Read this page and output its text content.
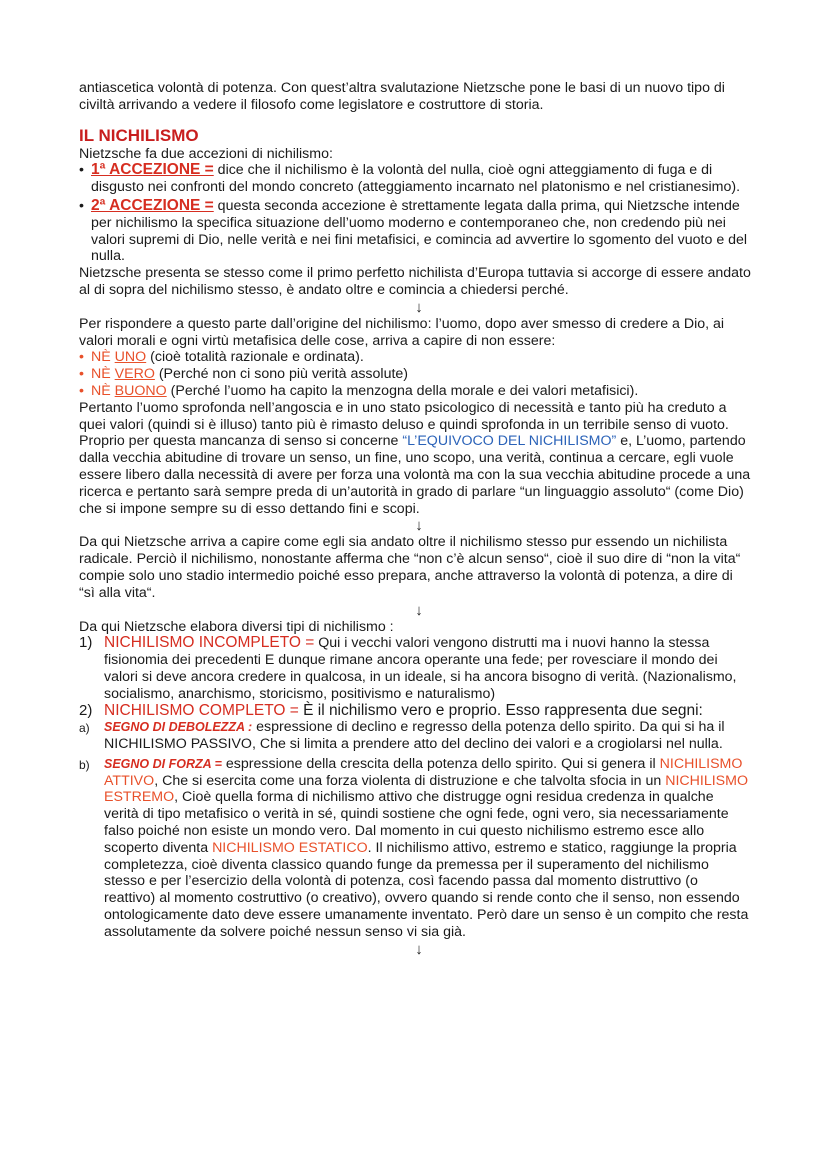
antiascetica volontà di potenza. Con quest’altra svalutazione Nietzsche pone le basi di un nuovo tipo di civiltà arrivando a vedere il filosofo come legislatore e costruttore di storia.

IL NICHILISMO

Nietzsche fa due accezioni di nichilismo:

• 1ª ACCEZIONE = dice che il nichilismo è la volontà del nulla, cioè ogni atteggiamento di fuga e di disgusto nei confronti del mondo concreto (atteggiamento incarnato nel platonismo e nel cristianesimo).
• 2ª ACCEZIONE = questa seconda accezione è strettamente legata dalla prima, qui Nietzsche intende per nichilismo la specifica situazione dell’uomo moderno e contemporaneo che, non credendo più nei valori supremi di Dio, nelle verità e nei fini metafisici, e comincia ad avvertire lo sgomento del vuoto e del nulla.

Nietzsche presenta se stesso come il primo perfetto nichilista d’Europa tuttavia si accorge di essere andato al di sopra del nichilismo stesso, è andato oltre e comincia a chiedersi perché.

↓

Per rispondere a questo parte dall’origine del nichilismo: l’uomo, dopo aver smesso di credere a Dio, ai valori morali e ogni virtù metafisica delle cose, arriva a capire di non essere:

• NÈ UNO (cioè totalità razionale e ordinata).
• NÈ VERO (Perché non ci sono più verità assolute)
• NÈ BUONO (Perché l’uomo ha capito la menzogna della morale e dei valori metafisici).

Pertanto l’uomo sprofonda nell’angoscia e in uno stato psicologico di necessità e tanto più ha creduto a quei valori (quindi si è illuso) tanto più è rimasto deluso e quindi sprofonda in un terribile senso di vuoto. Proprio per questa mancanza di senso si concerne “L’EQUIVOCO DEL NICHILISMO” e, L’uomo, partendo dalla vecchia abitudine di trovare un senso, un fine, uno scopo, una verità, continua a cercare, egli vuole essere libero dalla necessità di avere per forza una volontà ma con la sua vecchia abitudine procede a una ricerca e pertanto sarà sempre preda di un’autorità in grado di parlare “un linguaggio assoluto“ (come Dio) che si impone sempre su di esso dettando fini e scopi.

↓

Da qui Nietzsche arriva a capire come egli sia andato oltre il nichilismo stesso pur essendo un nichilista radicale. Perciò il nichilismo, nonostante afferma che “non c’è alcun senso“, cioè il suo dire di “non la vita“ compie solo uno stadio intermedio poiché esso prepara, anche attraverso la volontà di potenza, a dire di “sì alla vita“.

↓

Da qui Nietzsche elabora diversi tipi di nichilismo :

1) NICHILISMO INCOMPLETO = Qui i vecchi valori vengono distrutti ma i nuovi hanno la stessa fisionomia dei precedenti E dunque rimane ancora operante una fede; per rovesciare il mondo dei valori si deve ancora credere in qualcosa, in un ideale, si ha ancora bisogno di verità. (Nazionalismo, socialismo, anarchismo, storicismo, positivismo e naturalismo)
2) NICHILISMO COMPLETO = È il nichilismo vero e proprio. Esso rappresenta due segni:
a) SEGNO DI DEBOLEZZA : espressione di declino e regresso della potenza dello spirito. Da qui si ha il NICHILISMO PASSIVO, Che si limita a prendere atto del declino dei valori e a crogiolarsi nel nulla.
b) SEGNO DI FORZA = espressione della crescita della potenza dello spirito. Qui si genera il NICHILISMO ATTIVO, Che si esercita come una forza violenta di distruzione e che talvolta sfocia in un NICHILISMO ESTREMO, Cioè quella forma di nichilismo attivo che distrugge ogni residua credenza in qualche verità di tipo metafisico o verità in sé, quindi sostiene che ogni fede, ogni vero, sia necessariamente falso poiché non esiste un mondo vero. Dal momento in cui questo nichilismo estremo esce allo scoperto diventa NICHILISMO ESTATICO. Il nichilismo attivo, estremo e statico, raggiunge la propria completezza, cioè diventa classico quando funge da premessa per il superamento del nichilismo stesso e per l’esercizio della volontà di potenza, così facendo passa dal momento distruttivo (o reattivo) al momento costruttivo (o creativo), ovvero quando si rende conto che il senso, non essendo ontologicamente dato deve essere umanamente inventato. Però dare un senso è un compito che resta assolutamente da solvere poiché nessun senso vi sia già.
↓
